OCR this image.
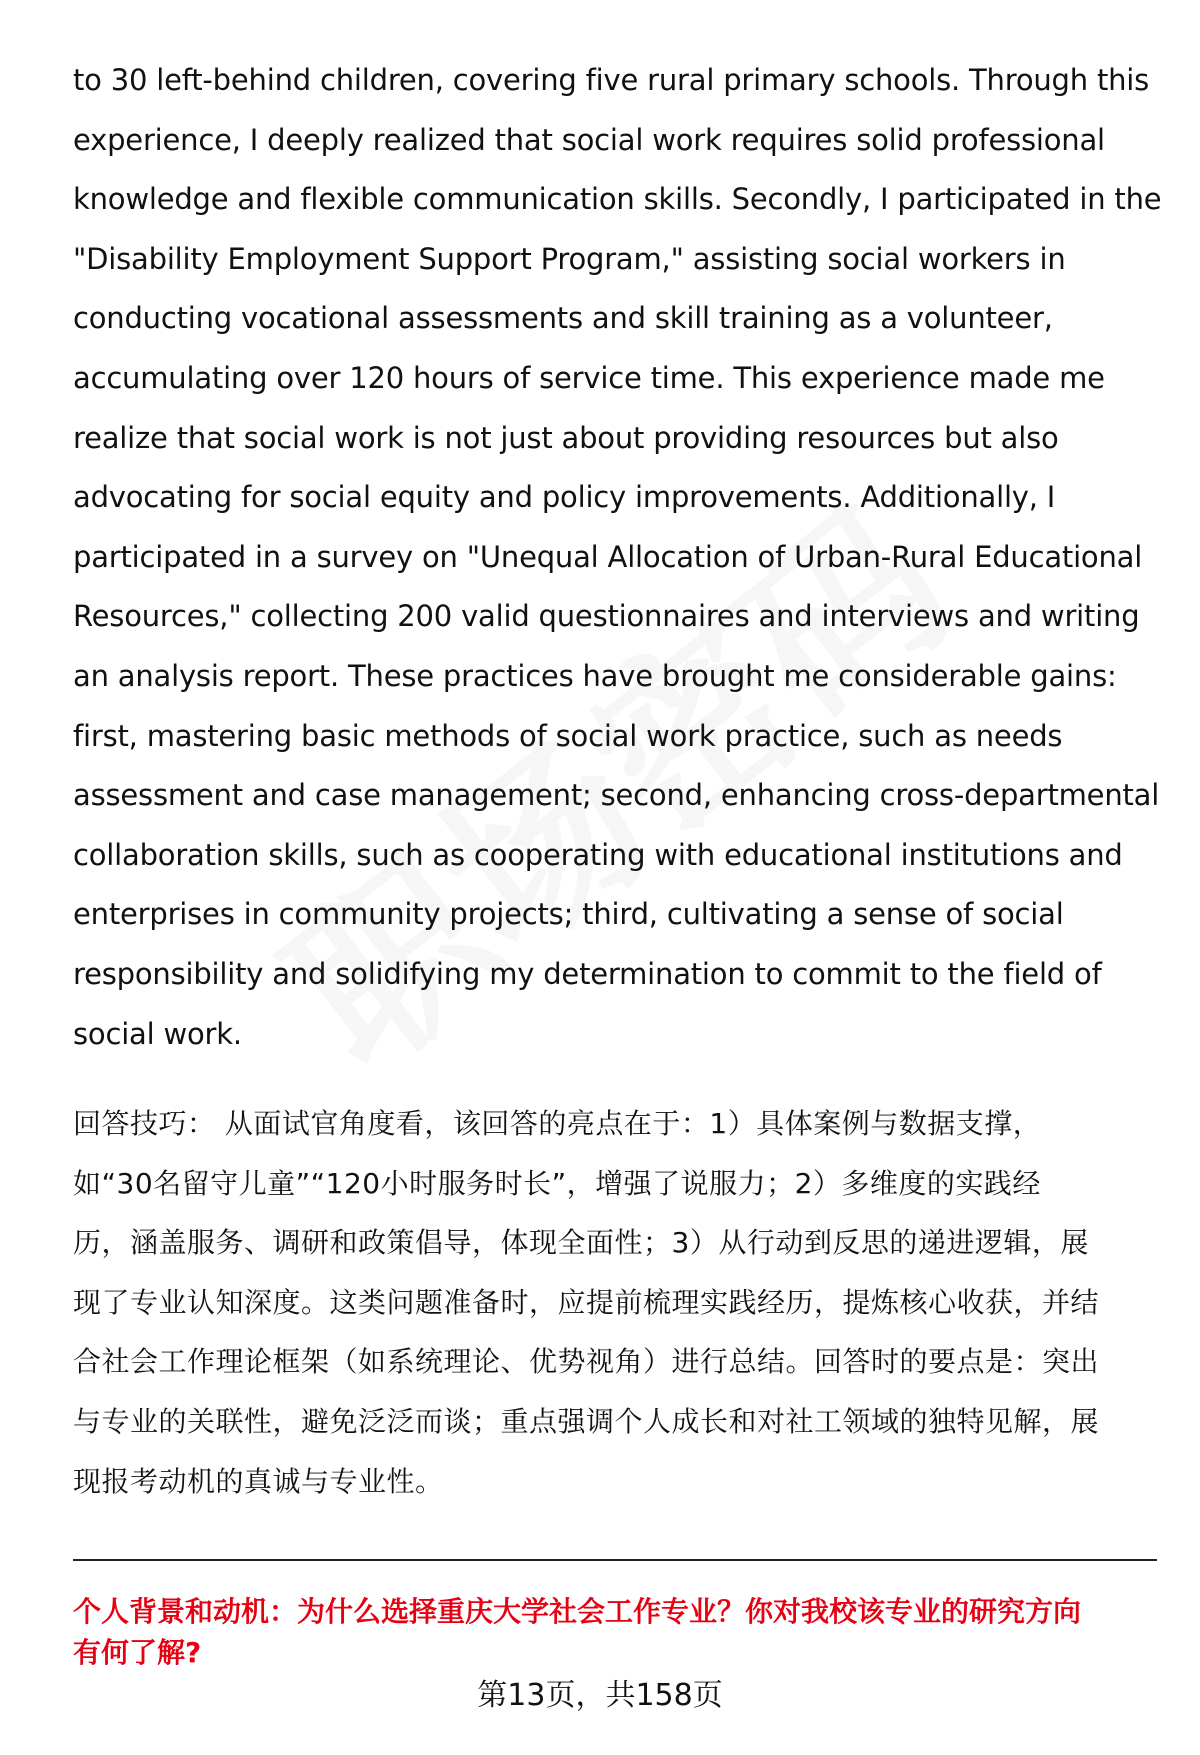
to 30 left-behind children, covering five rural primary schools. Through this
experience, I deeply realized that social work requires solid professional
knowledge and flexible communication skills. Secondly, I participated in the
"Disability Employment Support Program," assisting social workers in
conducting vocational assessments and skill training as a volunteer,
accumulating over 120 hours of service time. This experience made me
realize that social work is not just about providing resources but also
advocating for social equity and policy improvements. Additionally, I
participated in a survey on "Unequal Allocation of Urban-Rural Educational
Resources," collecting 200 valid questionnaires and interviews and writing
an analysis report. These practices have brought me considerable gains:
first, mastering basic methods of social work practice, such as needs
assessment and case management; second, enhancing cross-departmental
collaboration skills, such as cooperating with educational institutions and
enterprises in community projects; third, cultivating a sense of social
responsibility and solidifying my determination to commit to the field of
social work.
回答技巧： 从面试官角度看，该回答的亮点在于：1）具体案例与数据支撑，
如“30名留守儿童”“120小时服务时长”，增强了说服力；2）多维度的实践经
历，涵盖服务、调研和政策倡导，体现全面性；3）从行动到反思的递进逻辑，展
现了专业认知深度。这类问题准备时，应提前梳理实践经历，提炼核心收获，并结
合社会工作理论框架（如系统理论、优势视角）进行总结。回答时的要点是：突出
与专业的关联性，避免泛泛而谈；重点强调个人成长和对社工领域的独特见解，展
现报考动机的真诚与专业性。
个人背景和动机：为什么选择重庆大学社会工作专业？你对我校该专业的研究方向
有何了解?
第13页，共158页
